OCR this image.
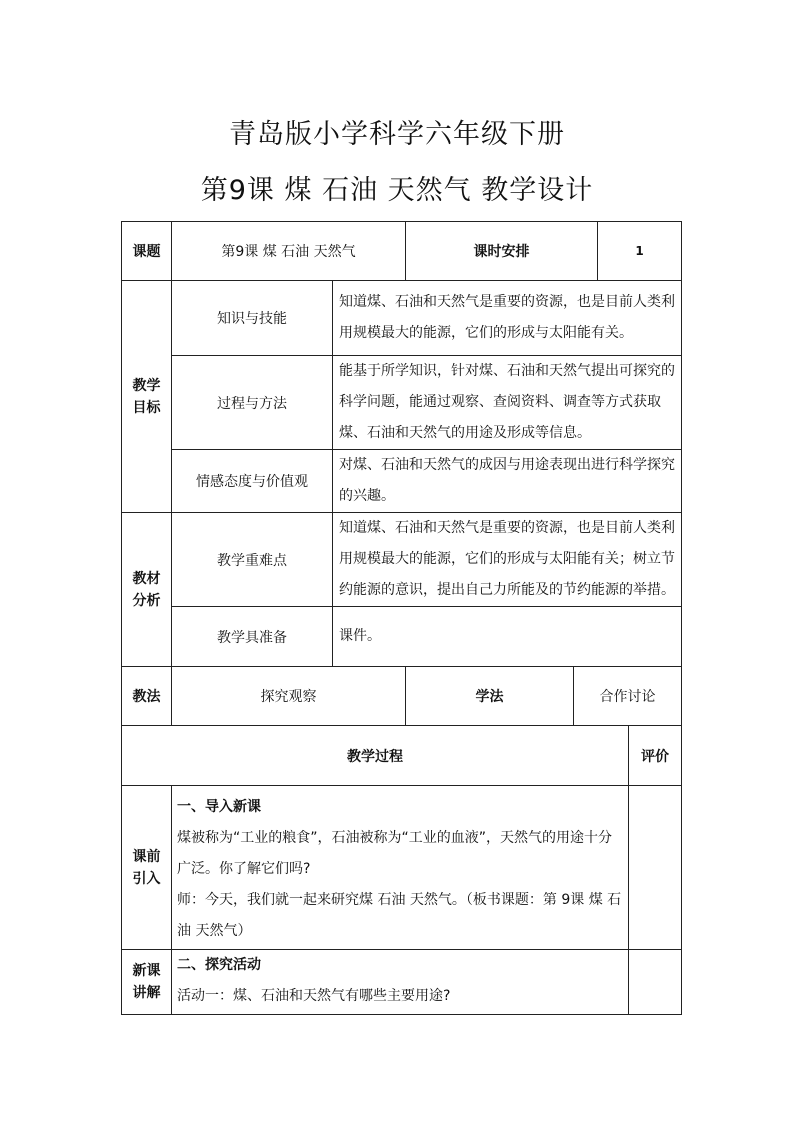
青岛版小学科学六年级下册
第9课 煤 石油 天然气 教学设计
课题	第9课 煤 石油 天然气		课时安排		1	

教学
目标	知识与技能	知道煤、石油和天然气是重要的资源，也是目前人类利用规模最大的能源，它们的形成与太阳能有关。				
	过程与方法	能基于所学知识，针对煤、石油和天然气提出可探究的科学问题，能通过观察、查阅资料、调查等方式获取煤、石油和天然气的用途及形成等信息。				
	情感态度与价值观	对煤、石油和天然气的成因与用途表现出进行科学探究的兴趣。				

教材
分析	教学重难点	知道煤、石油和天然气是重要的资源，也是目前人类利用规模最大的能源，它们的形成与太阳能有关；树立节约能源的意识，提出自己力所能及的节约能源的举措。				
	教学具准备	课件。				
教法	探究观察		学法	合作讨论		
教学过程						评价

课前
引入	一、导入新课
煤被称为“工业的粮食”，石油被称为“工业的血液”，天然气的用途十分广泛。你了解它们吗?
师：今天，我们就一起来研究煤 石油 天然气。（板书课题：第 9课 煤 石油 天然气）					

新课
讲解	二、探究活动
活动一：煤、石油和天然气有哪些主要用途?					
